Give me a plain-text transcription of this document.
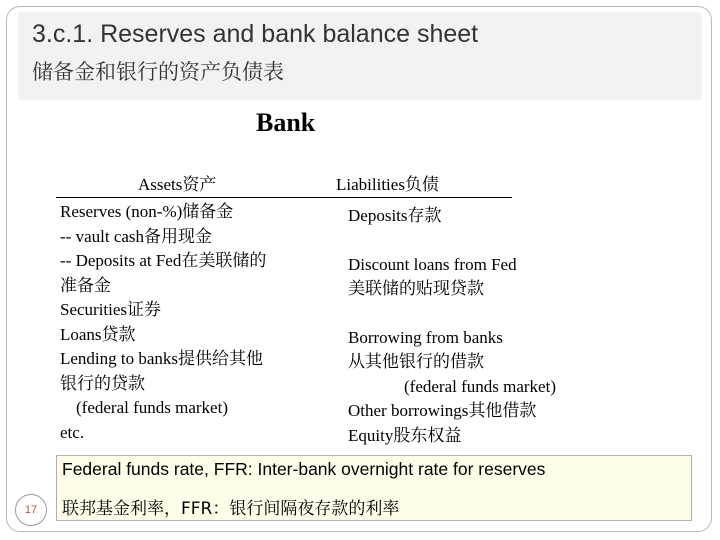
3.c.1. Reserves and bank balance sheet
储备金和银行的资产负债表
Bank
Assets资产	Liabilities负债
Reserves (non-%)储备金
-- vault cash备用现金
-- Deposits at Fed在美联储的
准备金
Securities证券
Loans贷款
Lending to banks提供给其他
银行的贷款
(federal funds market)
etc.
Deposits存款
Discount loans from Fed
美联储的贴现贷款
Borrowing from banks
从其他银行的借款
(federal funds market)
Other borrowings其他借款
Equity股东权益
Federal funds rate, FFR: Inter-bank overnight rate for reserves
联邦基金利率，FFR：银行间隔夜存款的利率
17
